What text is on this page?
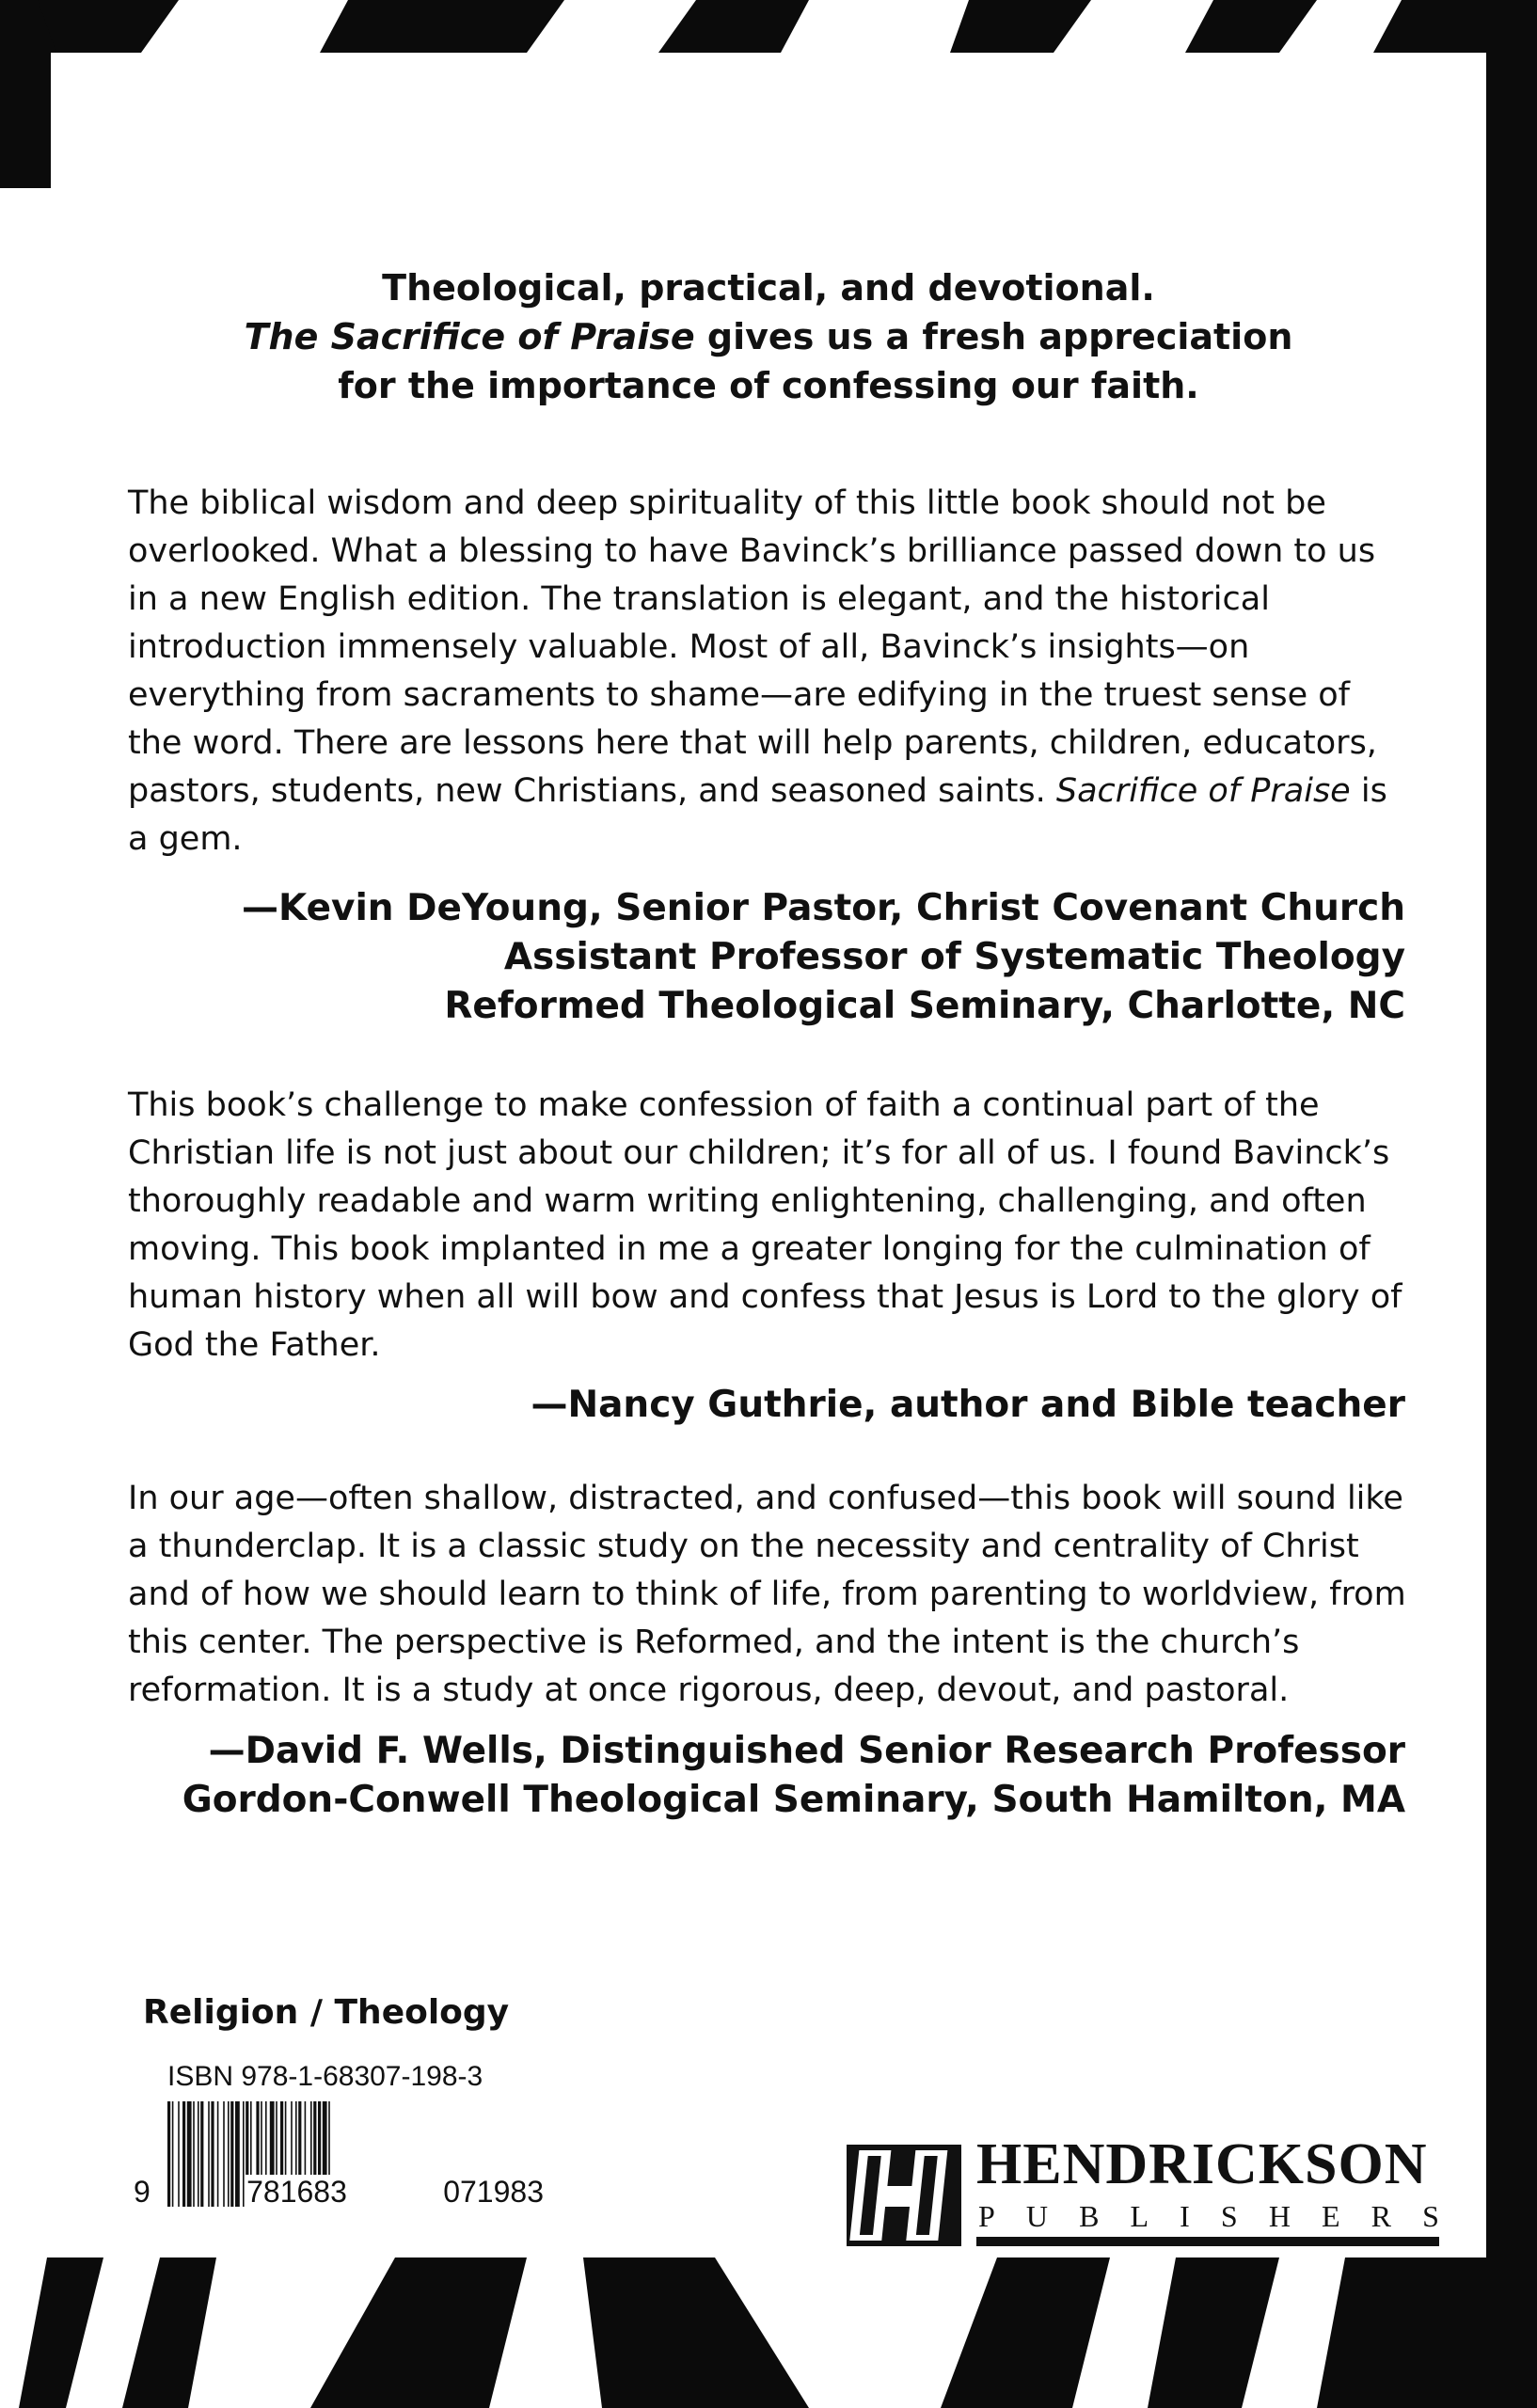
Theological, practical, and devotional.
The Sacrifice of Praise gives us a fresh appreciation
for the importance of confessing our faith.
The biblical wisdom and deep spirituality of this little book should not be overlooked. What a blessing to have Bavinck’s brilliance passed down to us in a new English edition. The translation is elegant, and the historical introduction immensely valuable. Most of all, Bavinck’s insights—on everything from sacraments to shame—are edifying in the truest sense of the word. There are lessons here that will help parents, children, educators, pastors, students, new Christians, and seasoned saints. Sacrifice of Praise is a gem.
—Kevin DeYoung, Senior Pastor, Christ Covenant Church
Assistant Professor of Systematic Theology
Reformed Theological Seminary, Charlotte, NC
This book’s challenge to make confession of faith a continual part of the Christian life is not just about our children; it’s for all of us. I found Bavinck’s thoroughly readable and warm writing enlightening, challenging, and often moving. This book implanted in me a greater longing for the culmination of human history when all will bow and confess that Jesus is Lord to the glory of God the Father.
—Nancy Guthrie, author and Bible teacher
In our age—often shallow, distracted, and confused—this book will sound like a thunderclap. It is a classic study on the necessity and centrality of Christ and of how we should learn to think of life, from parenting to worldview, from this center. The perspective is Reformed, and the intent is the church’s reformation. It is a study at once rigorous, deep, devout, and pastoral.
—David F. Wells, Distinguished Senior Research Professor
Gordon-Conwell Theological Seminary, South Hamilton, MA
Religion / Theology
ISBN 978-1-68307-198-3
9	781683	071983	HENDRICKSON
P U B L I S H E R S
